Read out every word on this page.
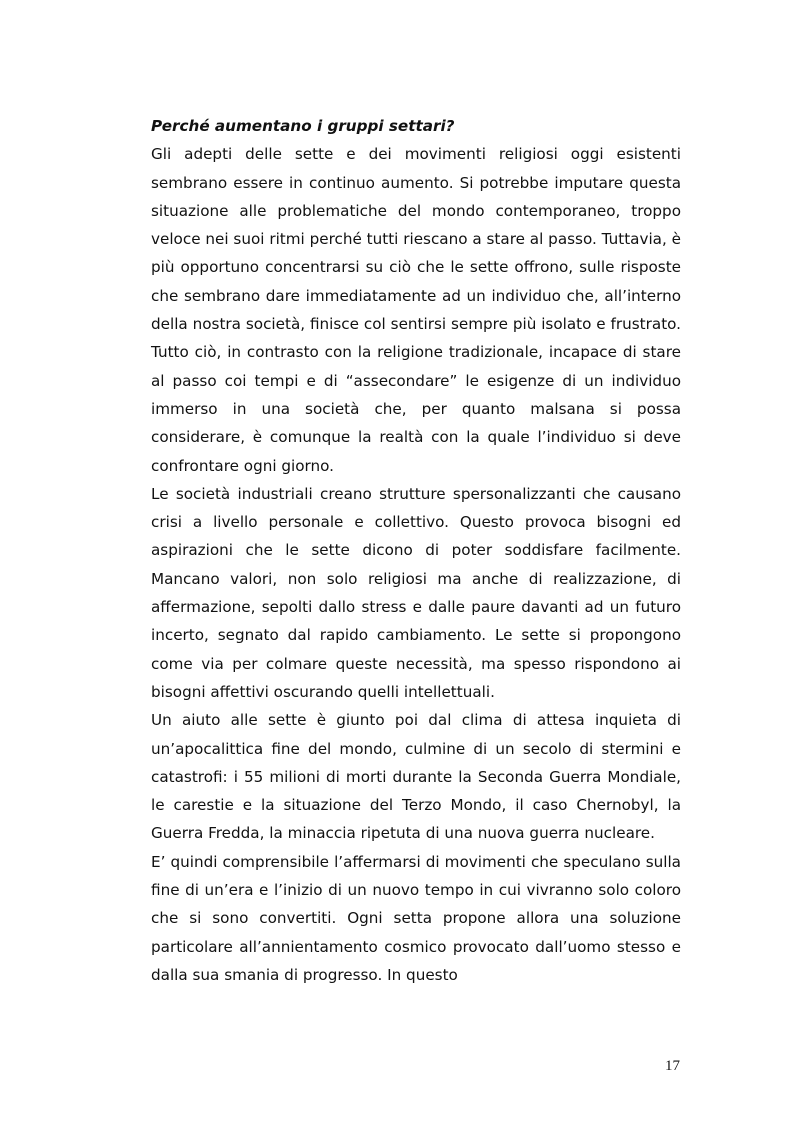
Perché aumentano i gruppi settari?

Gli adepti delle sette e dei movimenti religiosi oggi esistenti sembrano essere in continuo aumento. Si potrebbe imputare questa situazione alle problematiche del mondo contemporaneo, troppo veloce nei suoi ritmi perché tutti riescano a stare al passo. Tuttavia, è più opportuno concentrarsi su ciò che le sette offrono, sulle risposte che sembrano dare immediatamente ad un individuo che, all’interno della nostra società, finisce col sentirsi sempre più isolato e frustrato. Tutto ciò, in contrasto con la religione tradizionale, incapace di stare al passo coi tempi e di “assecondare” le esigenze di un individuo immerso in una società che, per quanto malsana si possa considerare, è comunque la realtà con la quale l’individuo si deve confrontare ogni giorno.

Le società industriali creano strutture spersonalizzanti che causano crisi a livello personale e collettivo. Questo provoca bisogni ed aspirazioni che le sette dicono di poter soddisfare facilmente. Mancano valori, non solo religiosi ma anche di realizzazione, di affermazione, sepolti dallo stress e dalle paure davanti ad un futuro incerto, segnato dal rapido cambiamento. Le sette si propongono come via per colmare queste necessità, ma spesso rispondono ai bisogni affettivi oscurando quelli intellettuali.

Un aiuto alle sette è giunto poi dal clima di attesa inquieta di un’apocalittica fine del mondo, culmine di un secolo di stermini e catastrofi: i 55 milioni di morti durante la Seconda Guerra Mondiale, le carestie e la situazione del Terzo Mondo, il caso Chernobyl, la Guerra Fredda, la minaccia ripetuta di una nuova guerra nucleare.

E’ quindi comprensibile l’affermarsi di movimenti che speculano sulla fine di un’era e l’inizio di un nuovo tempo in cui vivranno solo coloro che si sono convertiti. Ogni setta propone allora una soluzione particolare all’annientamento cosmico provocato dall’uomo stesso e dalla sua smania di progresso. In questo

17
